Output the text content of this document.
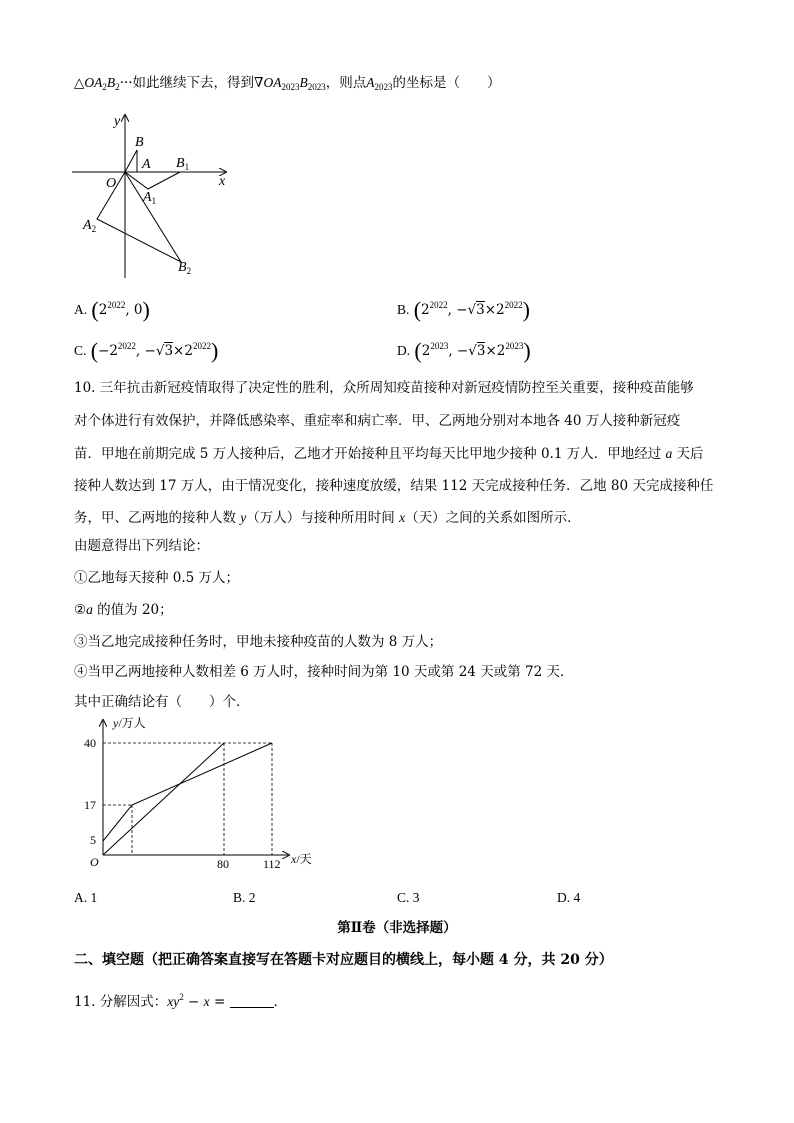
$\triangle OA_2B_2\cdot\cdot\cdot$如此继续下去，得到$\nabla OA_{2023}B_{2023}$，则点$A_{2023}$的坐标是（　　）
y
x
O
B
A $B_1$
$A_1$
$A_2$
$B_2$
A. ($2^{2022}$, 0)	B. ($2^{2022}$, $-√3\times 2^{2022}$)
C. ($-2^{2022}$, $-√3\times 2^{2022}$)	D. ($2^{2023}$, $-√3\times 2^{2023}$)
10. 三年抗击新冠疫情取得了决定性的胜利，众所周知疫苗接种对新冠疫情防控至关重要，接种疫苗能够
对个体进行有效保护，并降低感染率、重症率和病亡率．甲、乙两地分别对本地各 40 万人接种新冠疫
苗．甲地在前期完成 5 万人接种后，乙地才开始接种且平均每天比甲地少接种 0.1 万人．甲地经过 a 天后
接种人数达到 17 万人，由于情况变化，接种速度放缓，结果 112 天完成接种任务．乙地 80 天完成接种任
务，甲、乙两地的接种人数 y（万人）与接种所用时间 x（天）之间的关系如图所示．
由题意得出下列结论：
①乙地每天接种 0.5 万人；
②a 的值为 20；
③当乙地完成接种任务时，甲地未接种疫苗的人数为 8 万人；
④当甲乙两地接种人数相差 6 万人时，接种时间为第 10 天或第 24 天或第 72 天．
其中正确结论有（　　）个．
y/万人
x/天
40
17
5
O	80	112
A. 1	B. 2	C. 3	D. 4
第Ⅱ卷（非选择题）
二、填空题（把正确答案直接写在答题卡对应题目的横线上，每小题 4 分，共 20 分）
11. 分解因式：$xy^2 - x$ =	．
